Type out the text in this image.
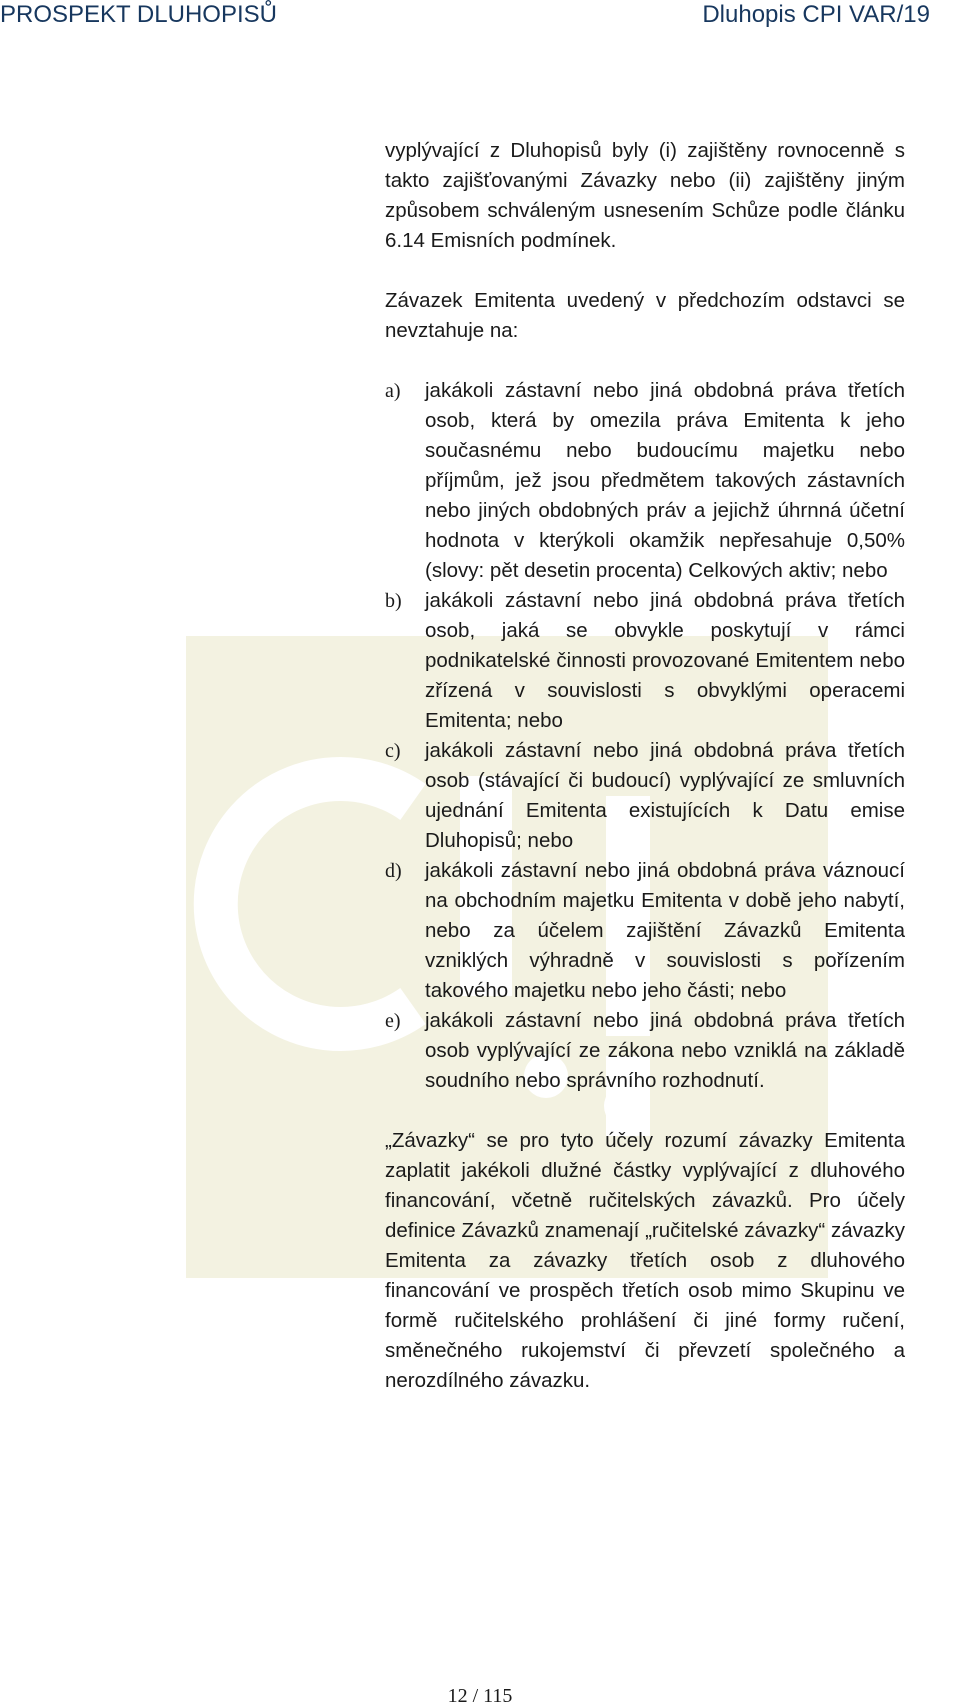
PROSPEKT DLUHOPISŮ	Dluhopis CPI VAR/19

vyplývající z Dluhopisů byly (i) zajištěny rovnocenně s takto zajišťovanými Závazky nebo (ii) zajištěny jiným způsobem schváleným usnesením Schůze podle článku 6.14 Emisních podmínek.

Závazek Emitenta uvedený v předchozím odstavci se nevztahuje na:

a) jakákoli zástavní nebo jiná obdobná práva třetích osob, která by omezila práva Emitenta k jeho současnému nebo budoucímu majetku nebo příjmům, jež jsou předmětem takových zástavních nebo jiných obdobných práv a jejichž úhrnná účetní hodnota v kterýkoli okamžik nepřesahuje 0,50% (slovy: pět desetin procenta) Celkových aktiv; nebo
b) jakákoli zástavní nebo jiná obdobná práva třetích osob, jaká se obvykle poskytují v rámci podnikatelské činnosti provozované Emitentem nebo zřízená v souvislosti s obvyklými operacemi Emitenta; nebo
c) jakákoli zástavní nebo jiná obdobná práva třetích osob (stávající či budoucí) vyplývající ze smluvních ujednání Emitenta existujících k Datu emise Dluhopisů; nebo
d) jakákoli zástavní nebo jiná obdobná práva váznoucí na obchodním majetku Emitenta v době jeho nabytí, nebo za účelem zajištění Závazků Emitenta vzniklých výhradně v souvislosti s pořízením takového majetku nebo jeho části; nebo
e) jakákoli zástavní nebo jiná obdobná práva třetích osob vyplývající ze zákona nebo vzniklá na základě soudního nebo správního rozhodnutí.

„Závazky“ se pro tyto účely rozumí závazky Emitenta zaplatit jakékoli dlužné částky vyplývající z dluhového financování, včetně ručitelských závazků. Pro účely definice Závazků znamenají „ručitelské závazky“ závazky Emitenta za závazky třetích osob z dluhového financování ve prospěch třetích osob mimo Skupinu ve formě ručitelského prohlášení či jiné formy ručení, směnečného rukojemství či převzetí společného a nerozdílného závazku.

12 / 115
